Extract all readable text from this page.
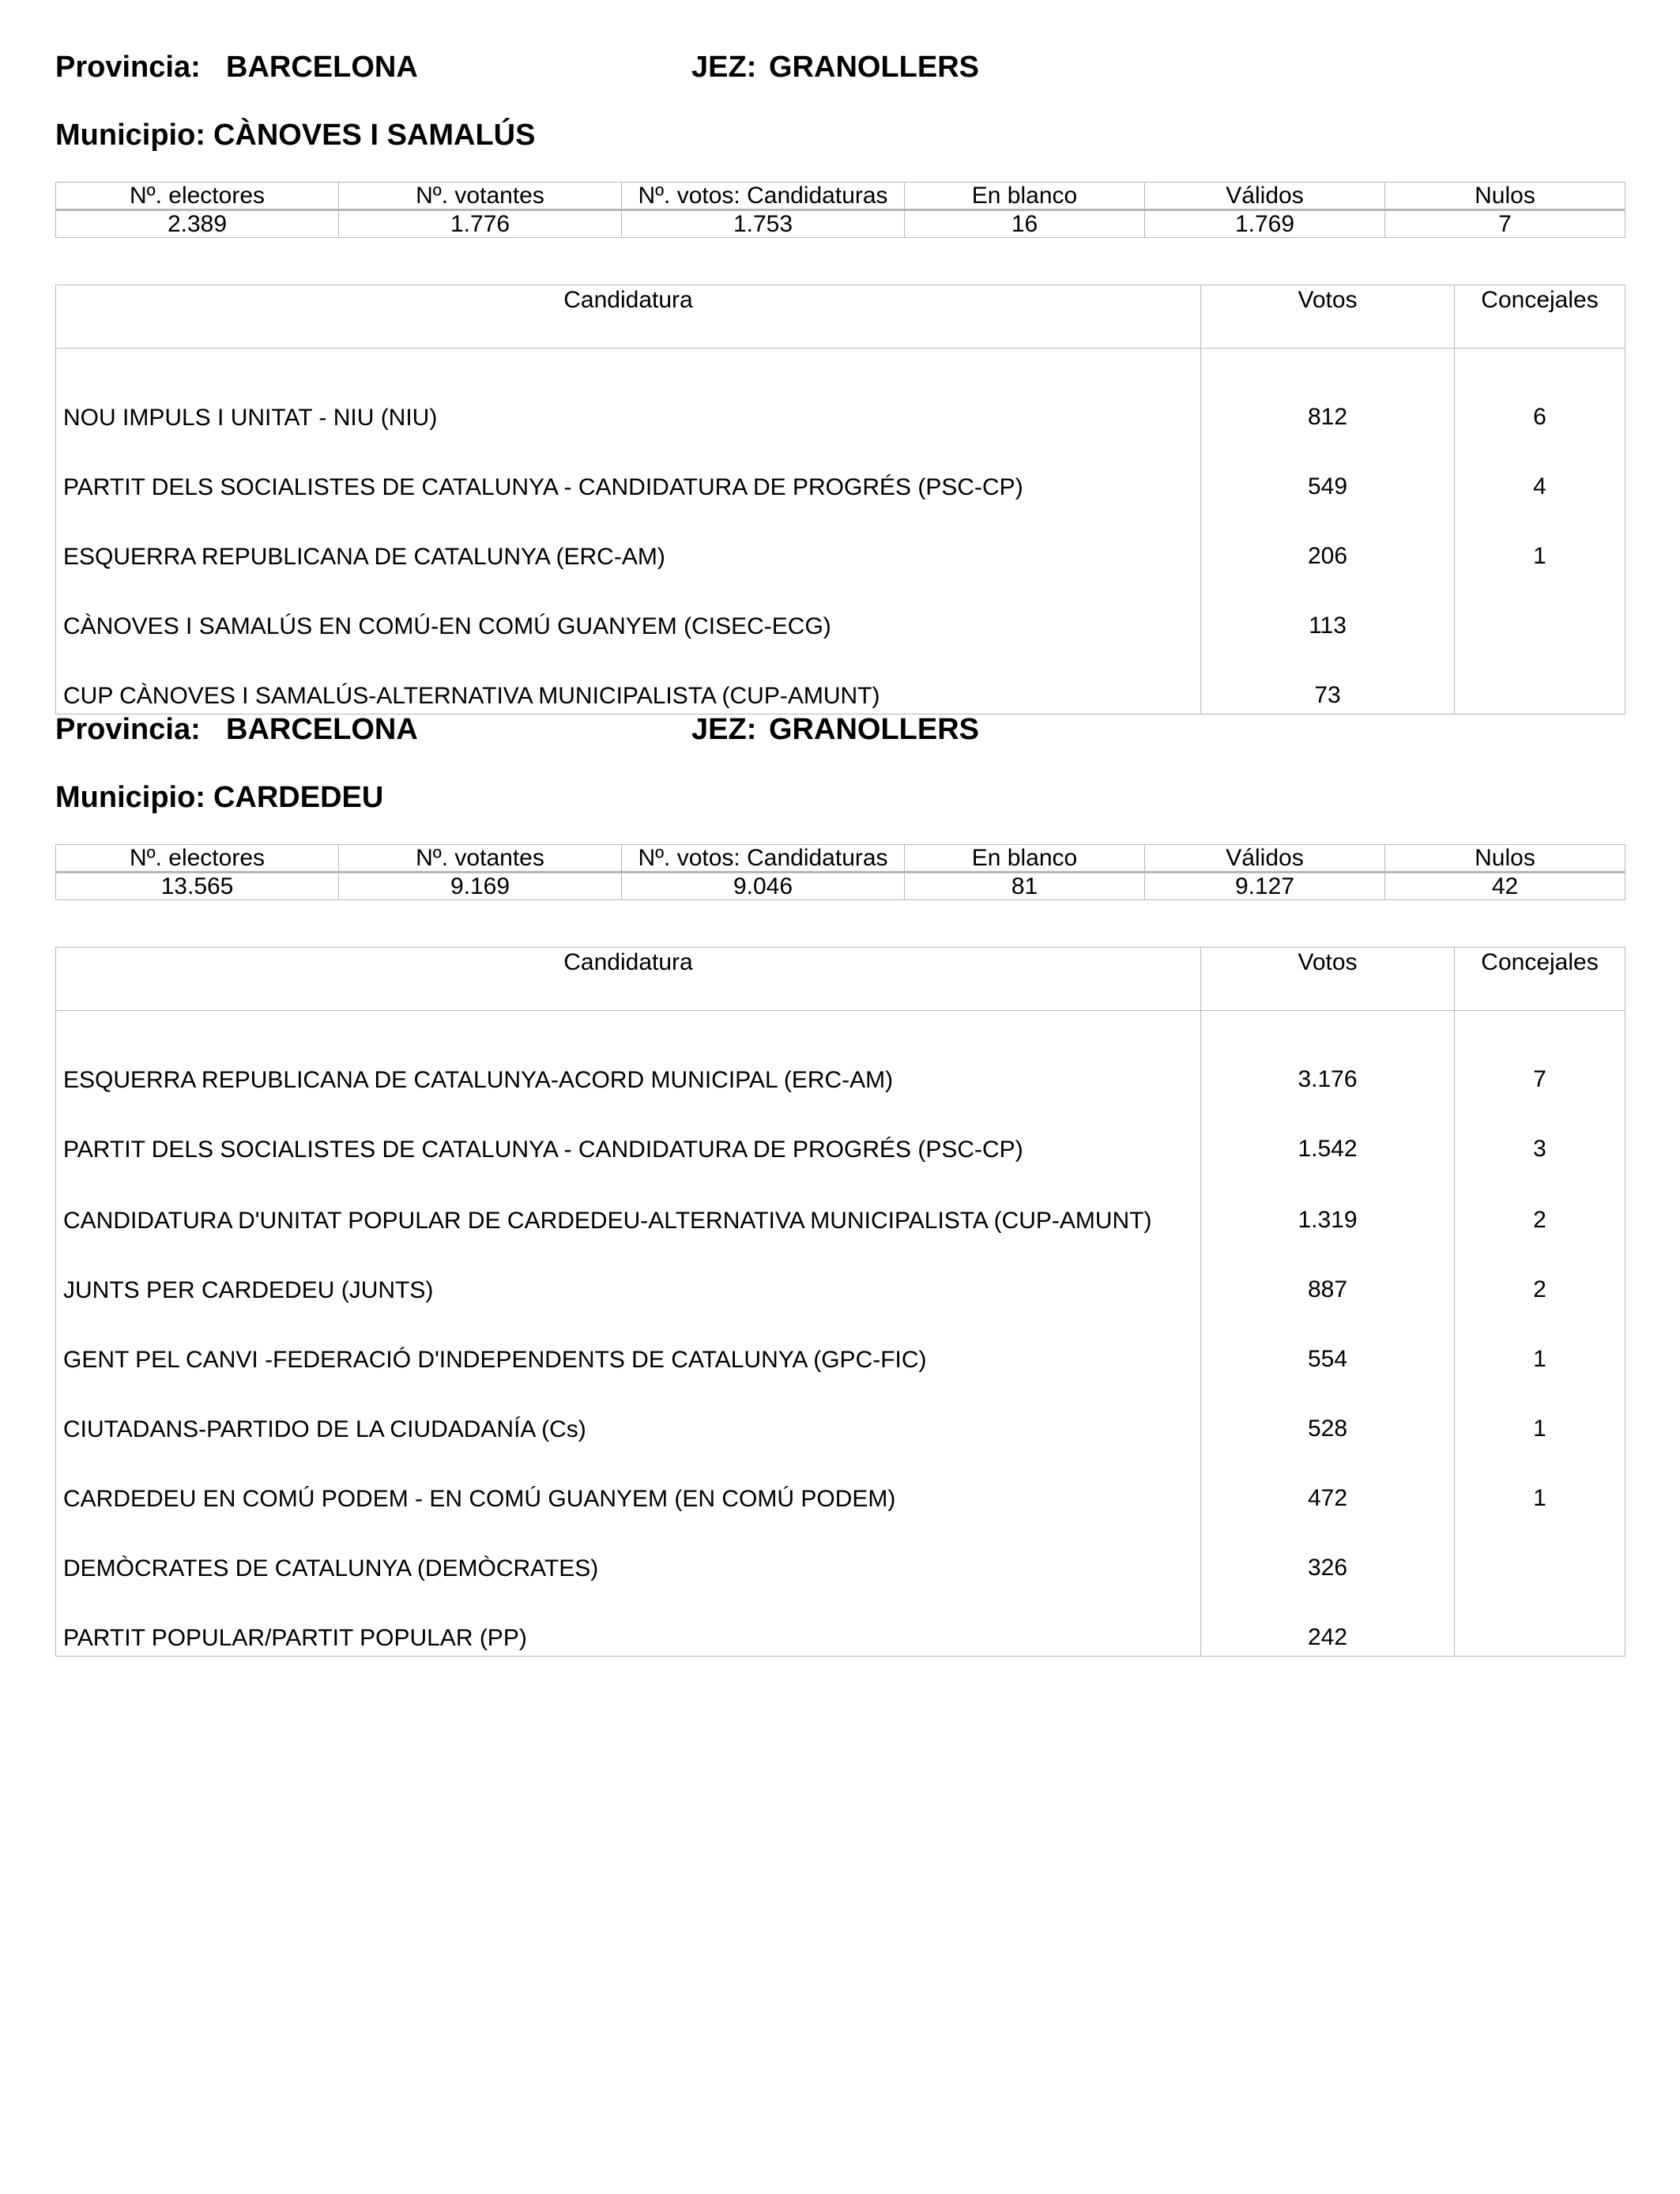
Provincia: BARCELONA	JEZ: GRANOLLERS
Municipio: CÀNOVES I SAMALÚS
Nº. electores	Nº. votantes	Nº. votos: Candidaturas	En blanco	Válidos	Nulos
2.389	1.776	1.753	16	1.769	7
Candidatura	Votos	Concejales
NOU IMPULS I UNITAT - NIU (NIU)	812	6
PARTIT DELS SOCIALISTES DE CATALUNYA - CANDIDATURA DE PROGRÉS (PSC-CP)	549	4
ESQUERRA REPUBLICANA DE CATALUNYA (ERC-AM)	206	1
CÀNOVES I SAMALÚS EN COMÚ-EN COMÚ GUANYEM (CISEC-ECG)	113	
CUP CÀNOVES I SAMALÚS-ALTERNATIVA MUNICIPALISTA (CUP-AMUNT)	73	
Provincia: BARCELONA	JEZ: GRANOLLERS
Municipio: CARDEDEU
Nº. electores	Nº. votantes	Nº. votos: Candidaturas	En blanco	Válidos	Nulos
13.565	9.169	9.046	81	9.127	42
Candidatura	Votos	Concejales
ESQUERRA REPUBLICANA DE CATALUNYA-ACORD MUNICIPAL (ERC-AM)	3.176	7
PARTIT DELS SOCIALISTES DE CATALUNYA - CANDIDATURA DE PROGRÉS (PSC-CP)	1.542	3
CANDIDATURA D'UNITAT POPULAR DE CARDEDEU-ALTERNATIVA MUNICIPALISTA (CUP-AMUNT)	1.319	2
JUNTS PER CARDEDEU (JUNTS)	887	2
GENT PEL CANVI -FEDERACIÓ D'INDEPENDENTS DE CATALUNYA (GPC-FIC)	554	1
CIUTADANS-PARTIDO DE LA CIUDADANÍA (Cs)	528	1
CARDEDEU EN COMÚ PODEM - EN COMÚ GUANYEM (EN COMÚ PODEM)	472	1
DEMÒCRATES DE CATALUNYA (DEMÒCRATES)	326	
PARTIT POPULAR/PARTIT POPULAR (PP)	242	
